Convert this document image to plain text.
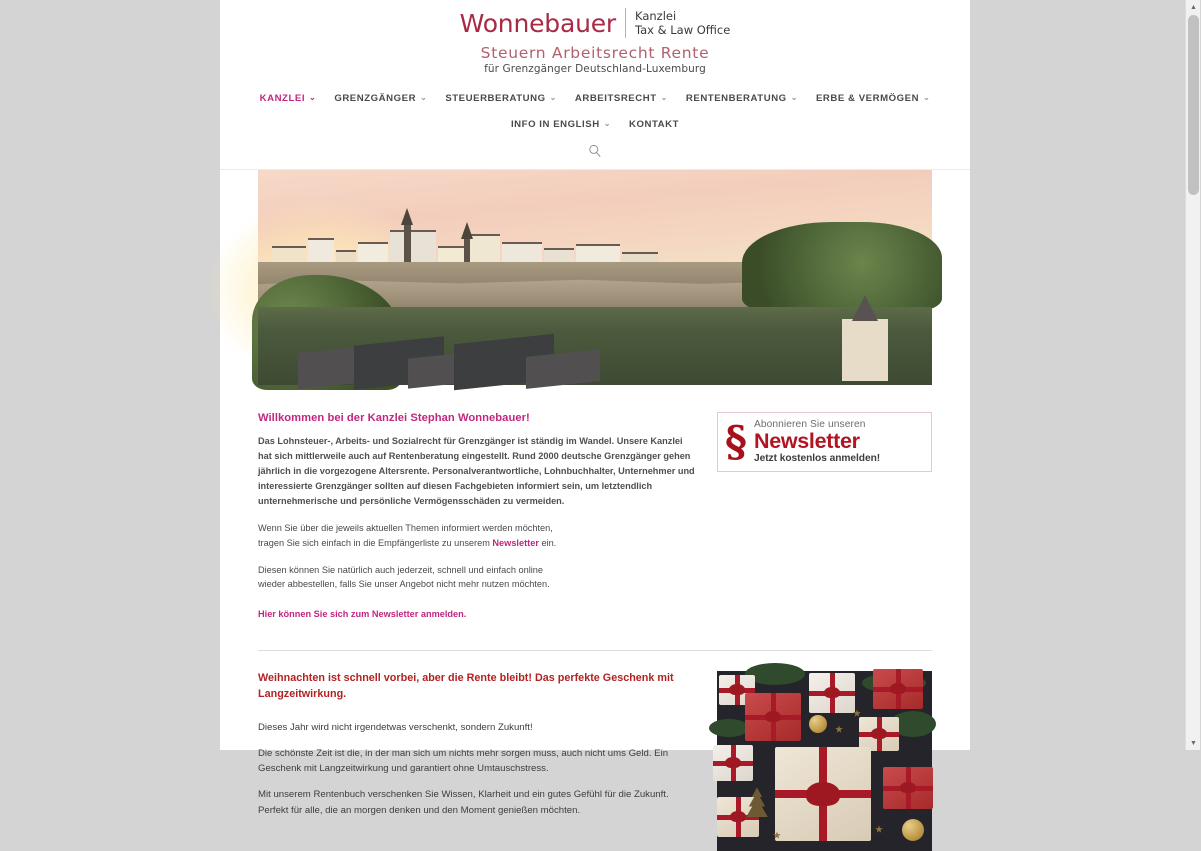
Wonnebauer Kanzlei
Tax & Law Office
Steuern Arbeitsrecht Rente
für Grenzgänger Deutschland-Luxemburg
KANZLEI ⌄ GRENZGÄNGER ⌄ STEUERBERATUNG ⌄ ARBEITSRECHT ⌄ RENTENBERATUNG ⌄ ERBE & VERMÖGEN ⌄
INFO IN ENGLISH ⌄ KONTAKT
Willkommen bei der Kanzlei Stephan Wonnebauer!

Das Lohnsteuer-, Arbeits- und Sozialrecht für Grenzgänger ist ständig im Wandel. Unsere Kanzlei hat sich mittlerweile auch auf Rentenberatung eingestellt. Rund 2000 deutsche Grenzgänger gehen jährlich in die vorgezogene Altersrente. Personalverantwortliche, Lohnbuchhalter, Unternehmer und interessierte Grenzgänger sollten auf diesen Fachgebieten informiert sein, um letztendlich unternehmerische und persönliche Vermögensschäden zu vermeiden.

Wenn Sie über die jeweils aktuellen Themen informiert werden möchten,
tragen Sie sich einfach in die Empfängerliste zu unserem Newsletter ein.

Diesen können Sie natürlich auch jederzeit, schnell und einfach online
wieder abbestellen, falls Sie unser Angebot nicht mehr nutzen möchten.

Hier können Sie sich zum Newsletter anmelden.
§ Abonnieren Sie unseren
Newsletter
Jetzt kostenlos anmelden!
Weihnachten ist schnell vorbei, aber die Rente bleibt! Das perfekte Geschenk mit Langzeitwirkung.

Dieses Jahr wird nicht irgendetwas verschenkt, sondern Zukunft!

Die schönste Zeit ist die, in der man sich um nichts mehr sorgen muss, auch nicht ums Geld. Ein Geschenk mit Langzeitwirkung und garantiert ohne Umtauschstress.

Mit unserem Rentenbuch verschenken Sie Wissen, Klarheit und ein gutes Gefühl für die Zukunft. Perfekt für alle, die an morgen denken und den Moment genießen möchten.

▲
▼
